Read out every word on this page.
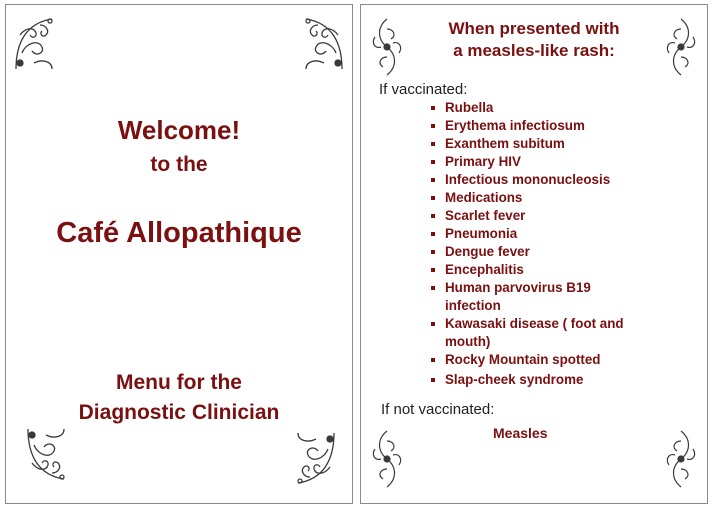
Welcome!
to the
Café Allopathique
Menu for the
Diagnostic Clinician
When presented with
a measles-like rash:
If vaccinated:
Rubella
Erythema infectiosum
Exanthem subitum
Primary HIV
Infectious mononucleosis
Medications
Scarlet fever
Pneumonia
Dengue fever
Encephalitis
Human parvovirus B19
infection
Kawasaki disease ( foot and
mouth)
Rocky Mountain spotted
Slap-cheek syndrome
If not vaccinated:
Measles
